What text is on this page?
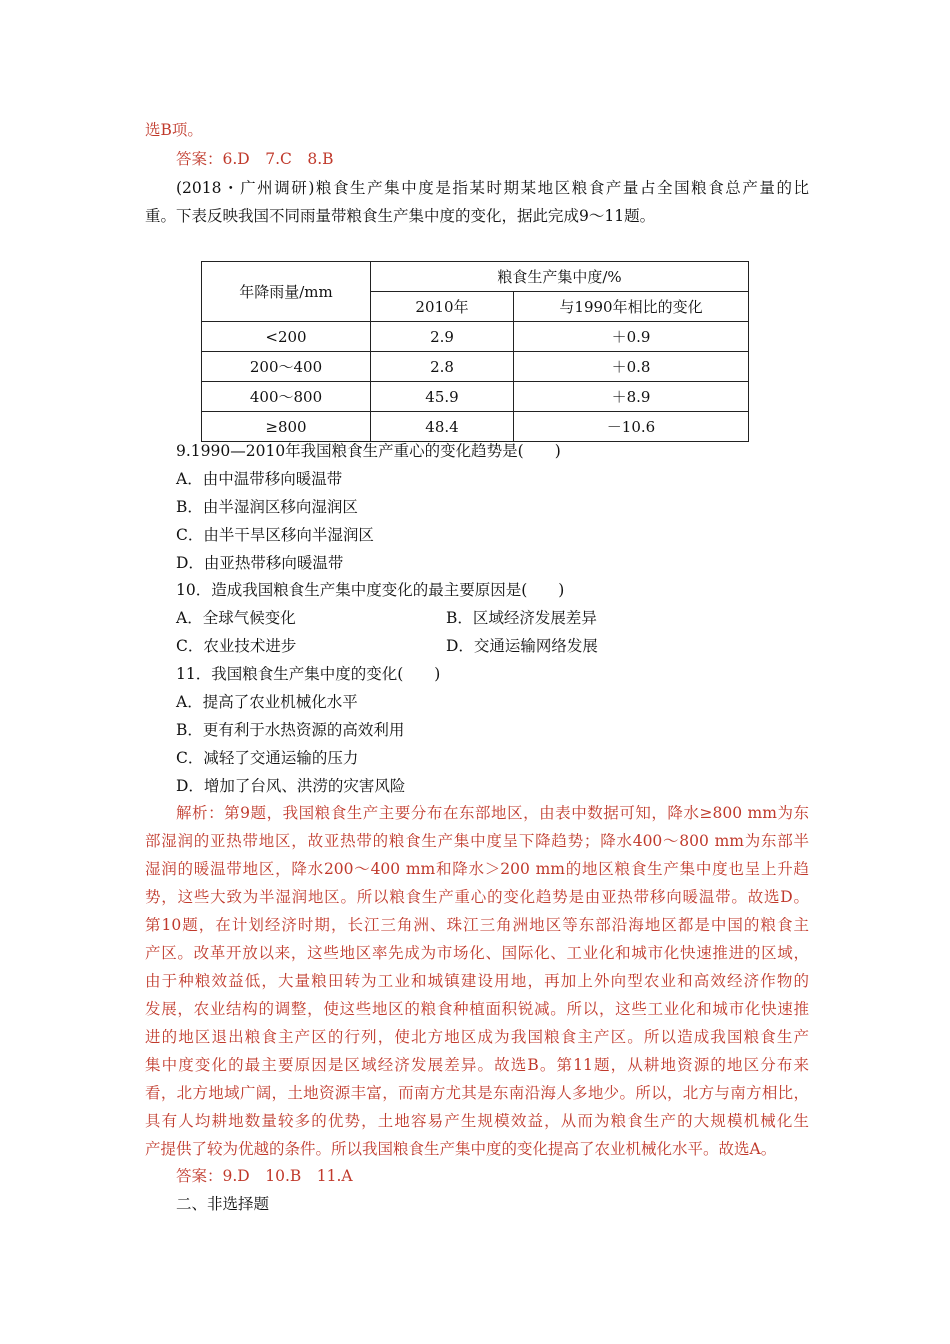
选B项。
答案：6.D　7.C　8.B
(2018・广州调研)粮食生产集中度是指某时期某地区粮食产量占全国粮食总产量的比
重。下表反映我国不同雨量带粮食生产集中度的变化，据此完成9～11题。
年降雨量/mm	粮食生产集中度/%	
	2010年	与1990年相比的变化
<200	2.9	＋0.9
200～400	2.8	＋0.8
400～800	45.9	＋8.9
≥800	48.4	－10.6
9.1990—2010年我国粮食生产重心的变化趋势是(　　)
A．由中温带移向暖温带
B．由半湿润区移向湿润区
C．由半干旱区移向半湿润区
D．由亚热带移向暖温带
10．造成我国粮食生产集中度变化的最主要原因是(　　)
A．全球气候变化	B．区域经济发展差异
C．农业技术进步	D．交通运输网络发展
11．我国粮食生产集中度的变化(　　)
A．提高了农业机械化水平
B．更有利于水热资源的高效利用
C．减轻了交通运输的压力
D．增加了台风、洪涝的灾害风险
解析：第9题，我国粮食生产主要分布在东部地区，由表中数据可知，降水≥800 mm为东
部湿润的亚热带地区，故亚热带的粮食生产集中度呈下降趋势；降水400～800 mm为东部半
湿润的暖温带地区，降水200～400 mm和降水＞200 mm的地区粮食生产集中度也呈上升趋
势，这些大致为半湿润地区。所以粮食生产重心的变化趋势是由亚热带移向暖温带。故选D。
第10题，在计划经济时期，长江三角洲、珠江三角洲地区等东部沿海地区都是中国的粮食主
产区。改革开放以来，这些地区率先成为市场化、国际化、工业化和城市化快速推进的区域，
由于种粮效益低，大量粮田转为工业和城镇建设用地，再加上外向型农业和高效经济作物的
发展，农业结构的调整，使这些地区的粮食种植面积锐减。所以，这些工业化和城市化快速推
进的地区退出粮食主产区的行列，使北方地区成为我国粮食主产区。所以造成我国粮食生产
集中度变化的最主要原因是区域经济发展差异。故选B。第11题，从耕地资源的地区分布来
看，北方地域广阔，土地资源丰富，而南方尤其是东南沿海人多地少。所以，北方与南方相比，
具有人均耕地数量较多的优势，土地容易产生规模效益，从而为粮食生产的大规模机械化生
产提供了较为优越的条件。所以我国粮食生产集中度的变化提高了农业机械化水平。故选A。
答案：9.D　10.B　11.A
二、非选择题
